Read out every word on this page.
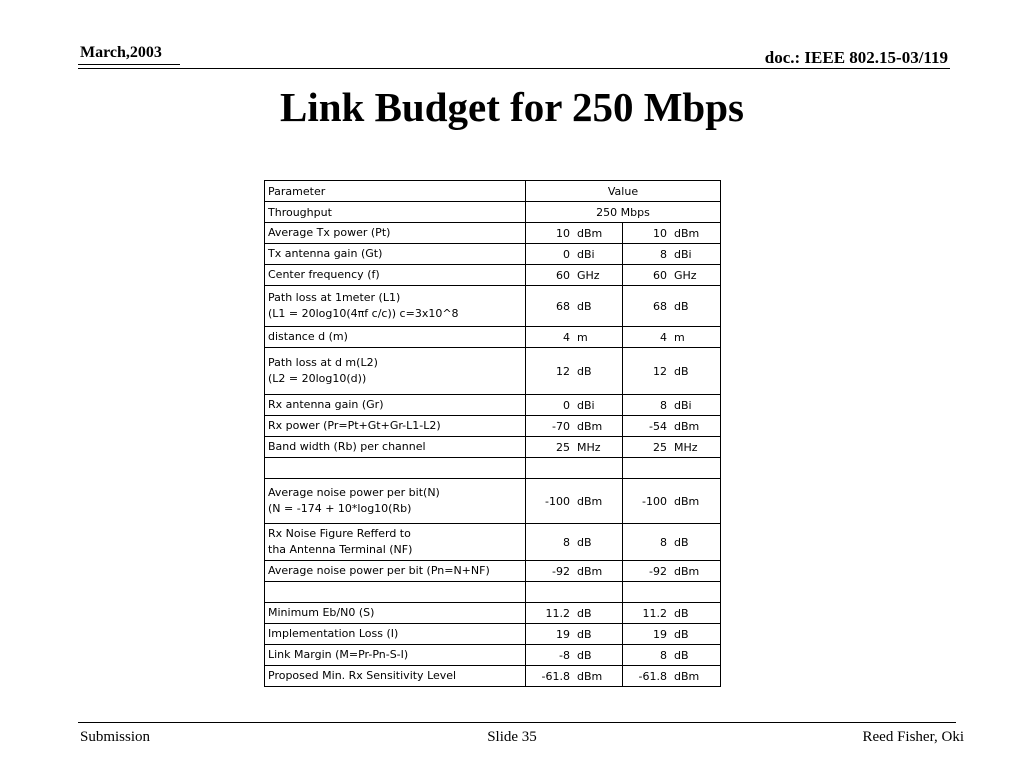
March,2003	doc.: IEEE 802.15-03/119
Link Budget for 250 Mbps
Parameter	Value	
Throughput	250 Mbps	
Average Tx power (Pt)	10 dBm	10 dBm
Tx antenna gain (Gt)	0 dBi	8 dBi
Center frequency (f)	60 GHz	60 GHz

Path loss at 1meter (L1)
(L1 = 20log10(4πf c/c)) c=3x10^8	68 dB	68 dB
distance d (m)	4 m	4 m

Path loss at d m(L2)
(L2 = 20log10(d))	12 dB	12 dB
Rx antenna gain (Gr)	0 dBi	8 dBi
Rx power (Pr=Pt+Gt+Gr-L1-L2)	-70 dBm	-54 dBm
Band width (Rb) per channel	25 MHz	25 MHz

Average noise power per bit(N)
(N = -174 + 10*log10(Rb)	-100 dBm	-100 dBm

Rx Noise Figure Refferd to
tha Antenna Terminal (NF)	8 dB	8 dB
Average noise power per bit (Pn=N+NF)	-92 dBm	-92 dBm

Minimum Eb/N0 (S)	11.2 dB	11.2 dB
Implementation Loss (I)	19 dB	19 dB
Link Margin (M=Pr-Pn-S-I)	-8 dB	8 dB
Proposed Min. Rx Sensitivity Level	-61.8 dBm	-61.8 dBm
Submission	Slide 35	Reed Fisher, Oki
